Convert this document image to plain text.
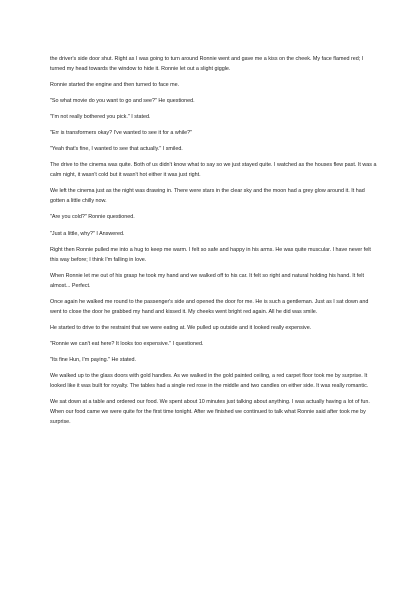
the driver's side door shut. Right as I was going to turn around Ronnie went and gave me a kiss on the cheek. My face flamed red; I turned my head towards the window to hide it. Ronnie let out a slight giggle.

Ronnie started the engine and then turned to face me.

"So what movie do you want to go and see?" He questioned.

"I'm not really bothered you pick." I stated.

"Err is transformers okay? I've wanted to see it for a while?"

"Yeah that's fine, I wanted to see that actually." I smiled.

The drive to the cinema was quite. Both of us didn't know what to say so we just stayed quite. I watched as the houses flew past. It was a calm night, it wasn't cold but it wasn't hot either it was just right.

We left the cinema just as the night was drawing in. There were stars in the clear sky and the moon had a grey glow around it. It had gotten a little chilly now.

"Are you cold?" Ronnie questioned.

"Just a little, why?" I Answered.

Right then Ronnie pulled me into a hug to keep me warm. I felt so safe and happy in his arms. He was quite muscular. I have never felt this way before; I think I'm falling in love.

When Ronnie let me out of his grasp he took my hand and we walked off to his car. It felt so right and natural holding his hand. It felt almost... Perfect.

Once again he walked me round to the passenger's side and opened the door for me. He is such a gentleman. Just as I sat down and went to close the door he grabbed my hand and kissed it. My cheeks went bright red again. All he did was smile.

He started to drive to the restraint that we were eating at. We pulled up outside and it looked really expensive.

"Ronnie we can't eat here? It looks too expensive." I questioned.

"Its fine Hun, I'm paying." He stated.

We walked up to the glass doors with gold handles. As we walked in the gold painted ceiling, a red carpet floor took me by surprise. It looked like it was built for royalty. The tables had a single red rose in the middle and two candles on either side. It was really romantic.

We sat down at a table and ordered our food. We spent about 10 minutes just talking about anything. I was actually having a lot of fun. When our food came we were quite for the first time tonight. After we finished we continued to talk what Ronnie said after took me by surprise.
